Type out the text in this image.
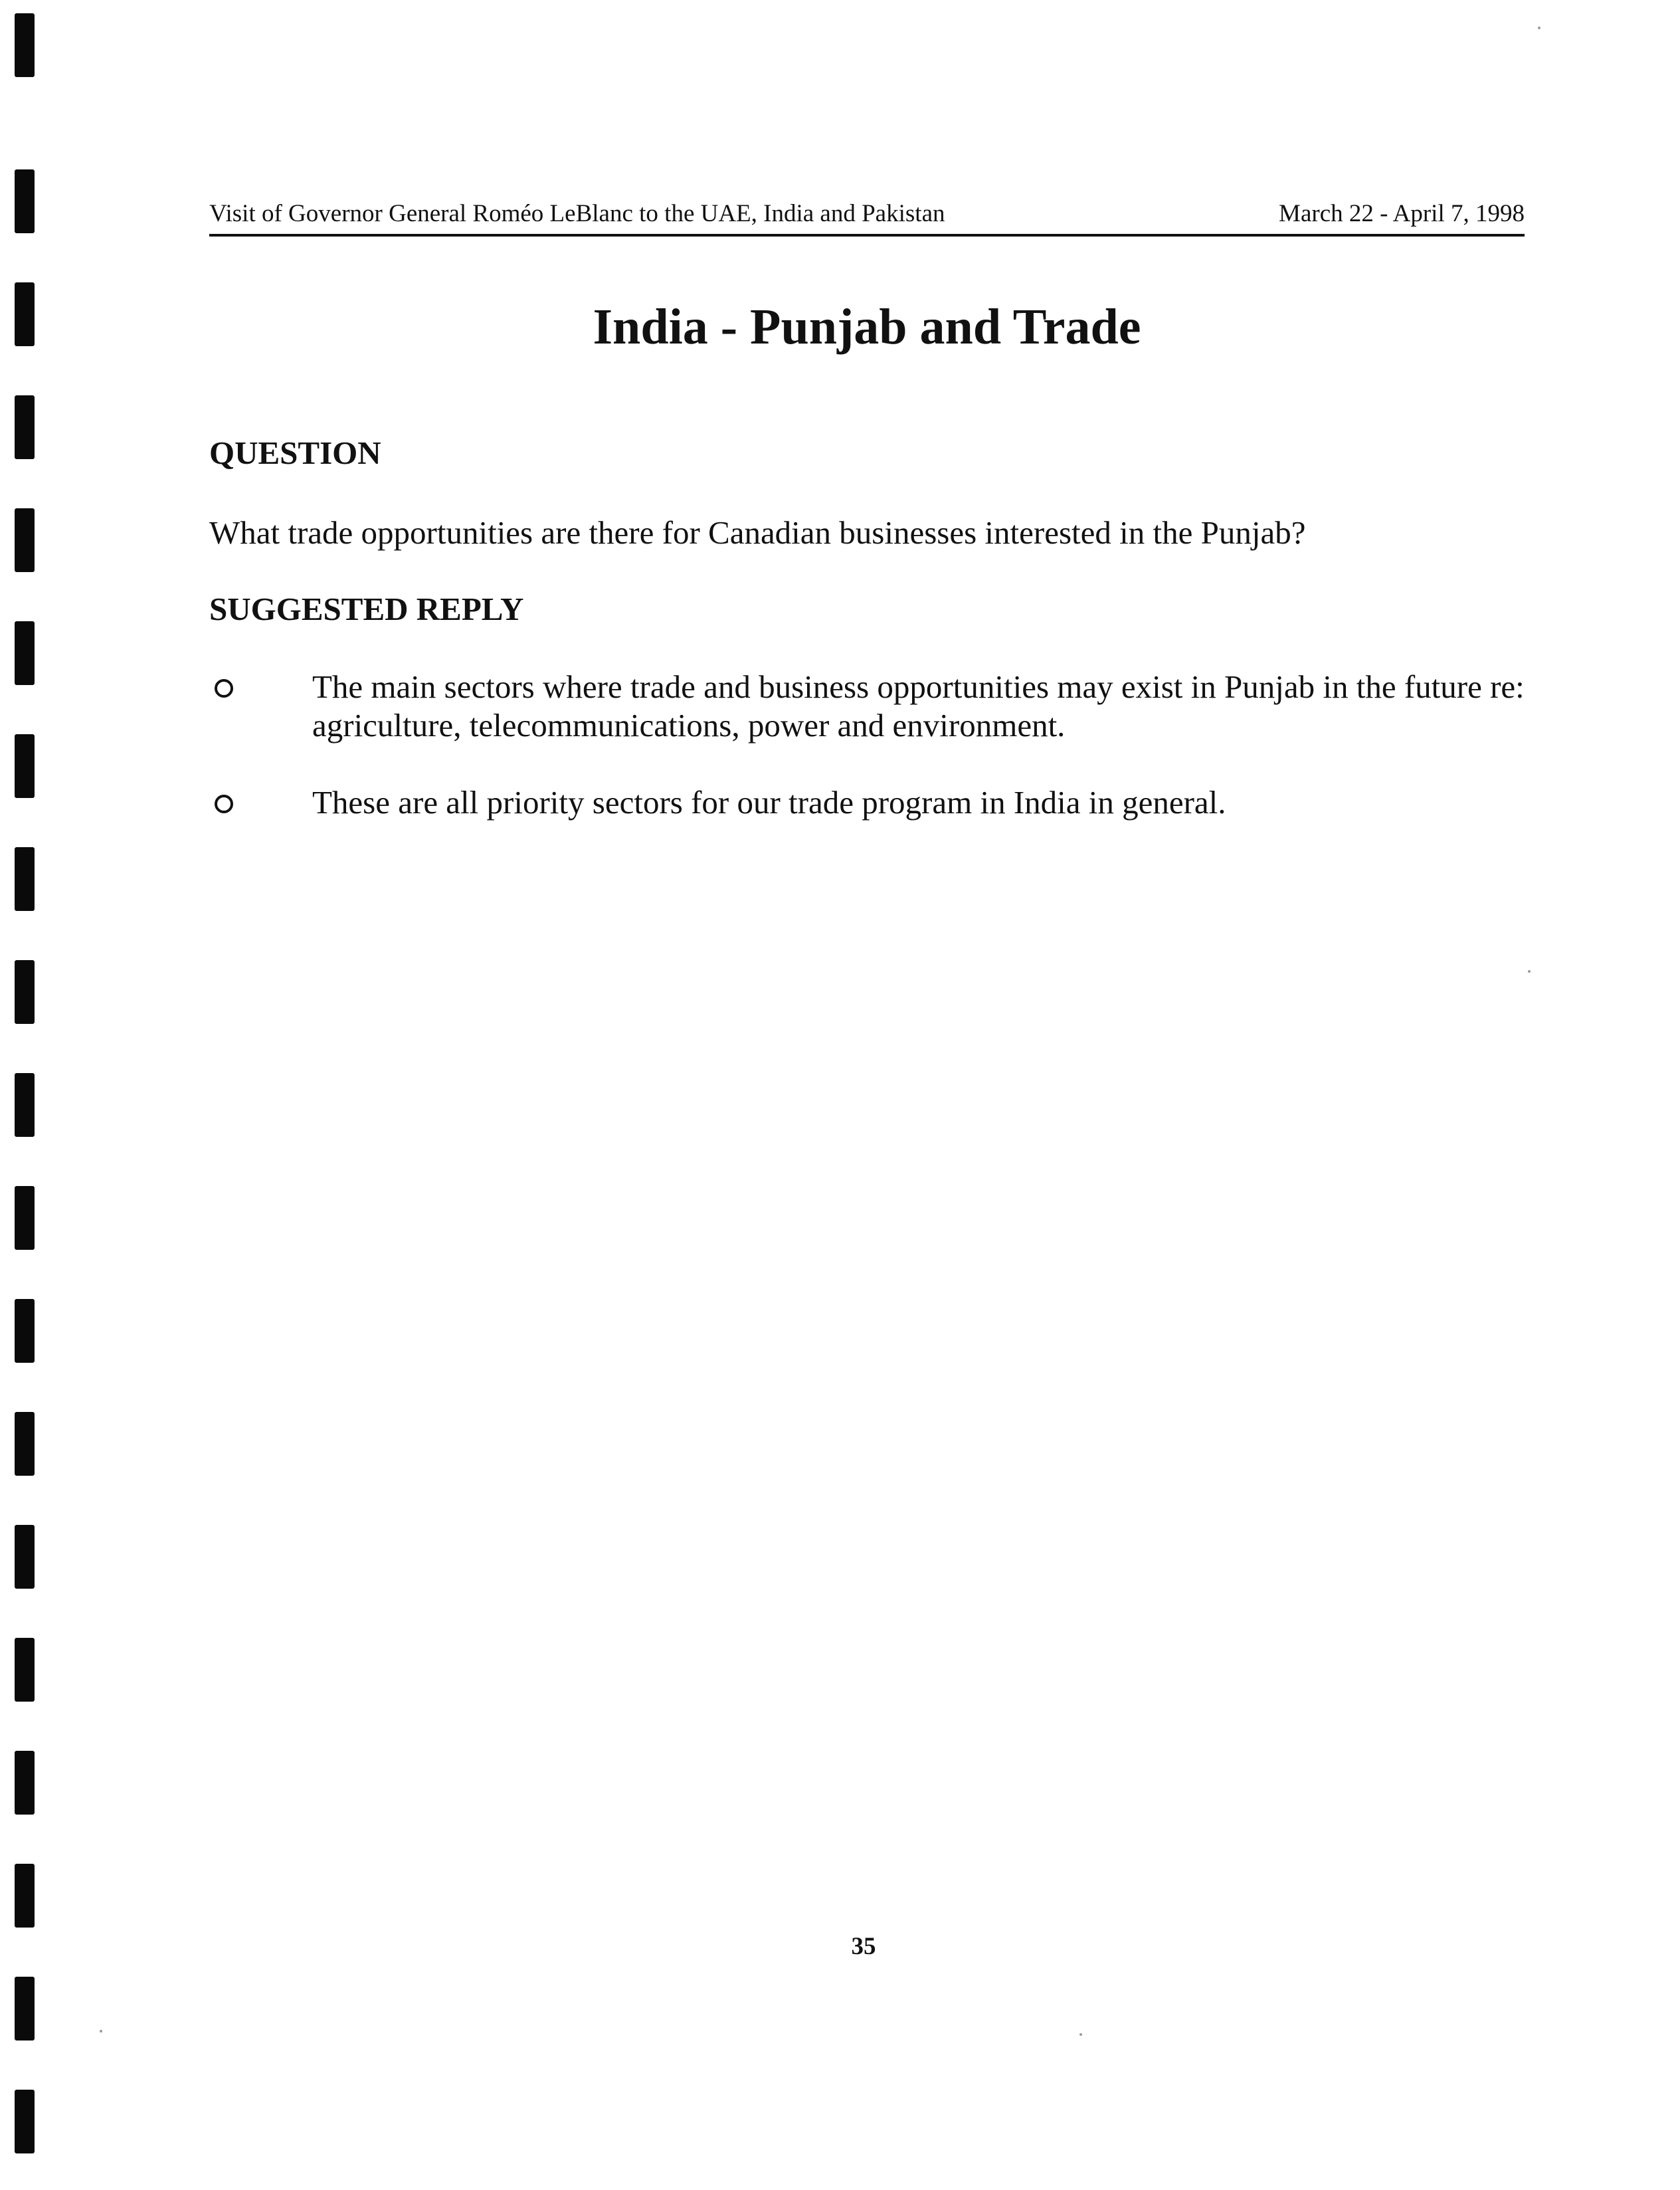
Visit of Governor General Roméo LeBlanc to the UAE, India and Pakistan	March 22 - April 7, 1998
India - Punjab and Trade
QUESTION

What trade opportunities are there for Canadian businesses interested in the Punjab?

SUGGESTED REPLY
The main sectors where trade and business opportunities may exist in Punjab in the future re: agriculture, telecommunications, power and environment.
These are all priority sectors for our trade program in India in general.
35
